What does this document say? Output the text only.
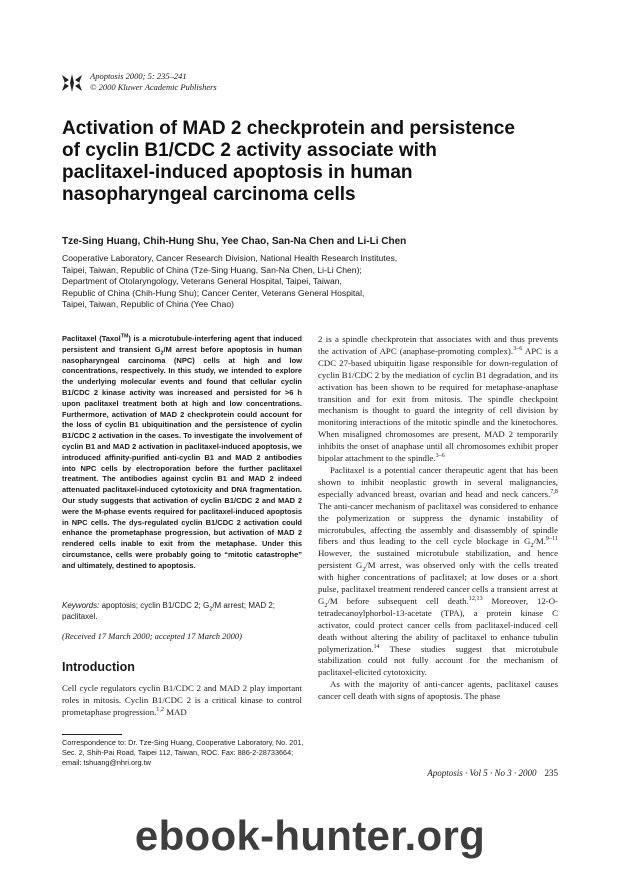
Apoptosis 2000; 5: 235–241
© 2000 Kluwer Academic Publishers
Activation of MAD 2 checkprotein and persistence of cyclin B1/CDC 2 activity associate with paclitaxel-induced apoptosis in human nasopharyngeal carcinoma cells
Tze-Sing Huang, Chih-Hung Shu, Yee Chao, San-Na Chen and Li-Li Chen
Cooperative Laboratory, Cancer Research Division, National Health Research Institutes,
Taipei, Taiwan, Republic of China (Tze-Sing Huang, San-Na Chen, Li-Li Chen);
Department of Otolaryngology, Veterans General Hospital, Taipei, Taiwan,
Republic of China (Chih-Hung Shu); Cancer Center, Veterans General Hospital,
Taipei, Taiwan, Republic of China (Yee Chao)

Paclitaxel (Taxol™) is a microtubule-interfering agent that induced persistent and transient $G_2/M$ arrest before apoptosis in human nasopharyngeal carcinoma (NPC) cells at high and low concentrations, respectively. In this study, we intended to explore the underlying molecular events and found that cellular cyclin B1/CDC 2 kinase activity was increased and persisted for >6 h upon paclitaxel treatment both at high and low concentrations. Furthermore, activation of MAD 2 checkprotein could account for the loss of cyclin B1 ubiquitination and the persistence of cyclin B1/CDC 2 activation in the cases. To investigate the involvement of cyclin B1 and MAD 2 activation in paclitaxel-induced apoptosis, we introduced affinity-purified anti-cyclin B1 and MAD 2 antibodies into NPC cells by electroporation before the further paclitaxel treatment. The antibodies against cyclin B1 and MAD 2 indeed attenuated paclitaxel-induced cytotoxicity and DNA fragmentation. Our study suggests that activation of cyclin B1/CDC 2 and MAD 2 were the M-phase events required for paclitaxel-induced apoptosis in NPC cells. The dys-regulated cyclin B1/CDC 2 activation could enhance the prometaphase progression, but activation of MAD 2 rendered cells inable to exit from the metaphase. Under this circumstance, cells were probably going to “mitotic catastrophe” and ultimately, destined to apoptosis.

Keywords: apoptosis; cyclin B1/CDC 2; $G_2/M$ arrest; MAD 2; paclitaxel.

(Received 17 March 2000; accepted 17 March 2000)

Introduction

Cell cycle regulators cyclin B1/CDC 2 and MAD 2 play important roles in mitosis. Cyclin B1/CDC 2 is a critical kinase to control prometaphase progression.$^{1,2}$ MAD

Correspondence to: Dr. Tze-Sing Huang, Cooperative Laboratory, No. 201, Sec. 2, Shih-Pai Road, Taipei 112, Taiwan, ROC. Fax: 886-2-28733664; email: tshuang@nhri.org.tw

2 is a spindle checkprotein that associates with and thus prevents the activation of APC (anaphase-promoting complex).$^{3-6}$ APC is a CDC 27-based ubiquitin ligase responsible for down-regulation of cyclin B1/CDC 2 by the mediation of cyclin B1 degradation, and its activation has been shown to be required for metaphase-anaphase transition and for exit from mitosis. The spindle checkpoint mechanism is thought to guard the integrity of cell division by monitoring interactions of the mitotic spindle and the kinetochores. When misaligned chromosomes are present, MAD 2 temporarily inhibits the onset of anaphase until all chromosomes exhibit proper bipolar attachment to the spindle.$^{3-6}$

Paclitaxel is a potential cancer therapeutic agent that has been shown to inhibit neoplastic growth in several malignancies, especially advanced breast, ovarian and head and neck cancers.$^{7,8}$ The anti-cancer mechanism of paclitaxel was considered to enhance the polymerization or suppress the dynamic instability of microtubules, affecting the assembly and disassembly of spindle fibers and thus leading to the cell cycle blockage in $G_2/M.^{9-11}$ However, the sustained microtubule stabilization, and hence persistent $G_2/M$ arrest, was observed only with the cells treated with higher concentrations of paclitaxel; at low doses or a short pulse, paclitaxel treatment rendered cancer cells a transient arrest at $G_2/M$ before subsequent cell death.$^{12,13}$ Moreover, 12-O-tetradecanoylphorbol-13-acetate (TPA), a protein kinase C activator, could protect cancer cells from paclitaxel-induced cell death without altering the ability of paclitaxel to enhance tubulin polymerization.$^{14}$ These studies suggest that microtubule stabilization could not fully account for the mechanism of paclitaxel-elicited cytotoxicity.

As with the majority of anti-cancer agents, paclitaxel causes cancer cell death with signs of apoptosis. The phase

Apoptosis · Vol 5 · No 3 · 2000 235
ebook-hunter.org
